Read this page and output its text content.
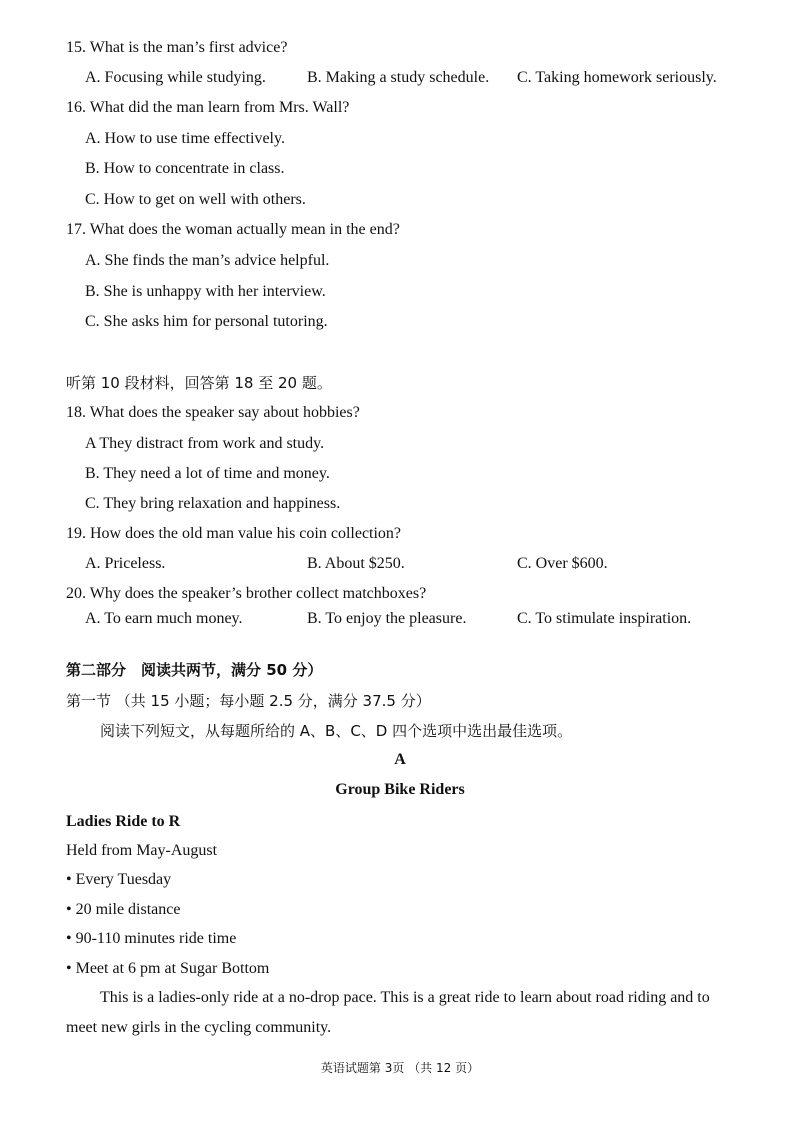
15. What is the man’s first advice?
A. Focusing while studying.	B. Making a study schedule. C. Taking homework seriously.
16. What did the man learn from Mrs. Wall?
A. How to use time effectively.
B. How to concentrate in class.
C. How to get on well with others.
17. What does the woman actually mean in the end?
A. She finds the man’s advice helpful.
B. She is unhappy with her interview.
C. She asks him for personal tutoring.
听第 10 段材料，回答第 18 至 20 题。
18. What does the speaker say about hobbies?
A They distract from work and study.
B. They need a lot of time and money.
C. They bring relaxation and happiness.
19. How does the old man value his coin collection?
A. Priceless.	B. About $250.	C. Over $600.
20. Why does the speaker’s brother collect matchboxes?
A. To earn much money.	B. To enjoy the pleasure.	C. To stimulate inspiration.
第二部分　阅读共两节，满分 50 分）
第一节 （共 15 小题；每小题 2.5 分，满分 37.5 分）
阅读下列短文，从每题所给的 A、B、C、D 四个选项中选出最佳选项。
A
Group Bike Riders
Ladies Ride to R
Held from May-August
• Every Tuesday
• 20 mile distance
• 90-110 minutes ride time
• Meet at 6 pm at Sugar Bottom
This is a ladies-only ride at a no-drop pace. This is a great ride to learn about road riding and to
meet new girls in the cycling community.
英语试题第 3页 （共 12 页）
